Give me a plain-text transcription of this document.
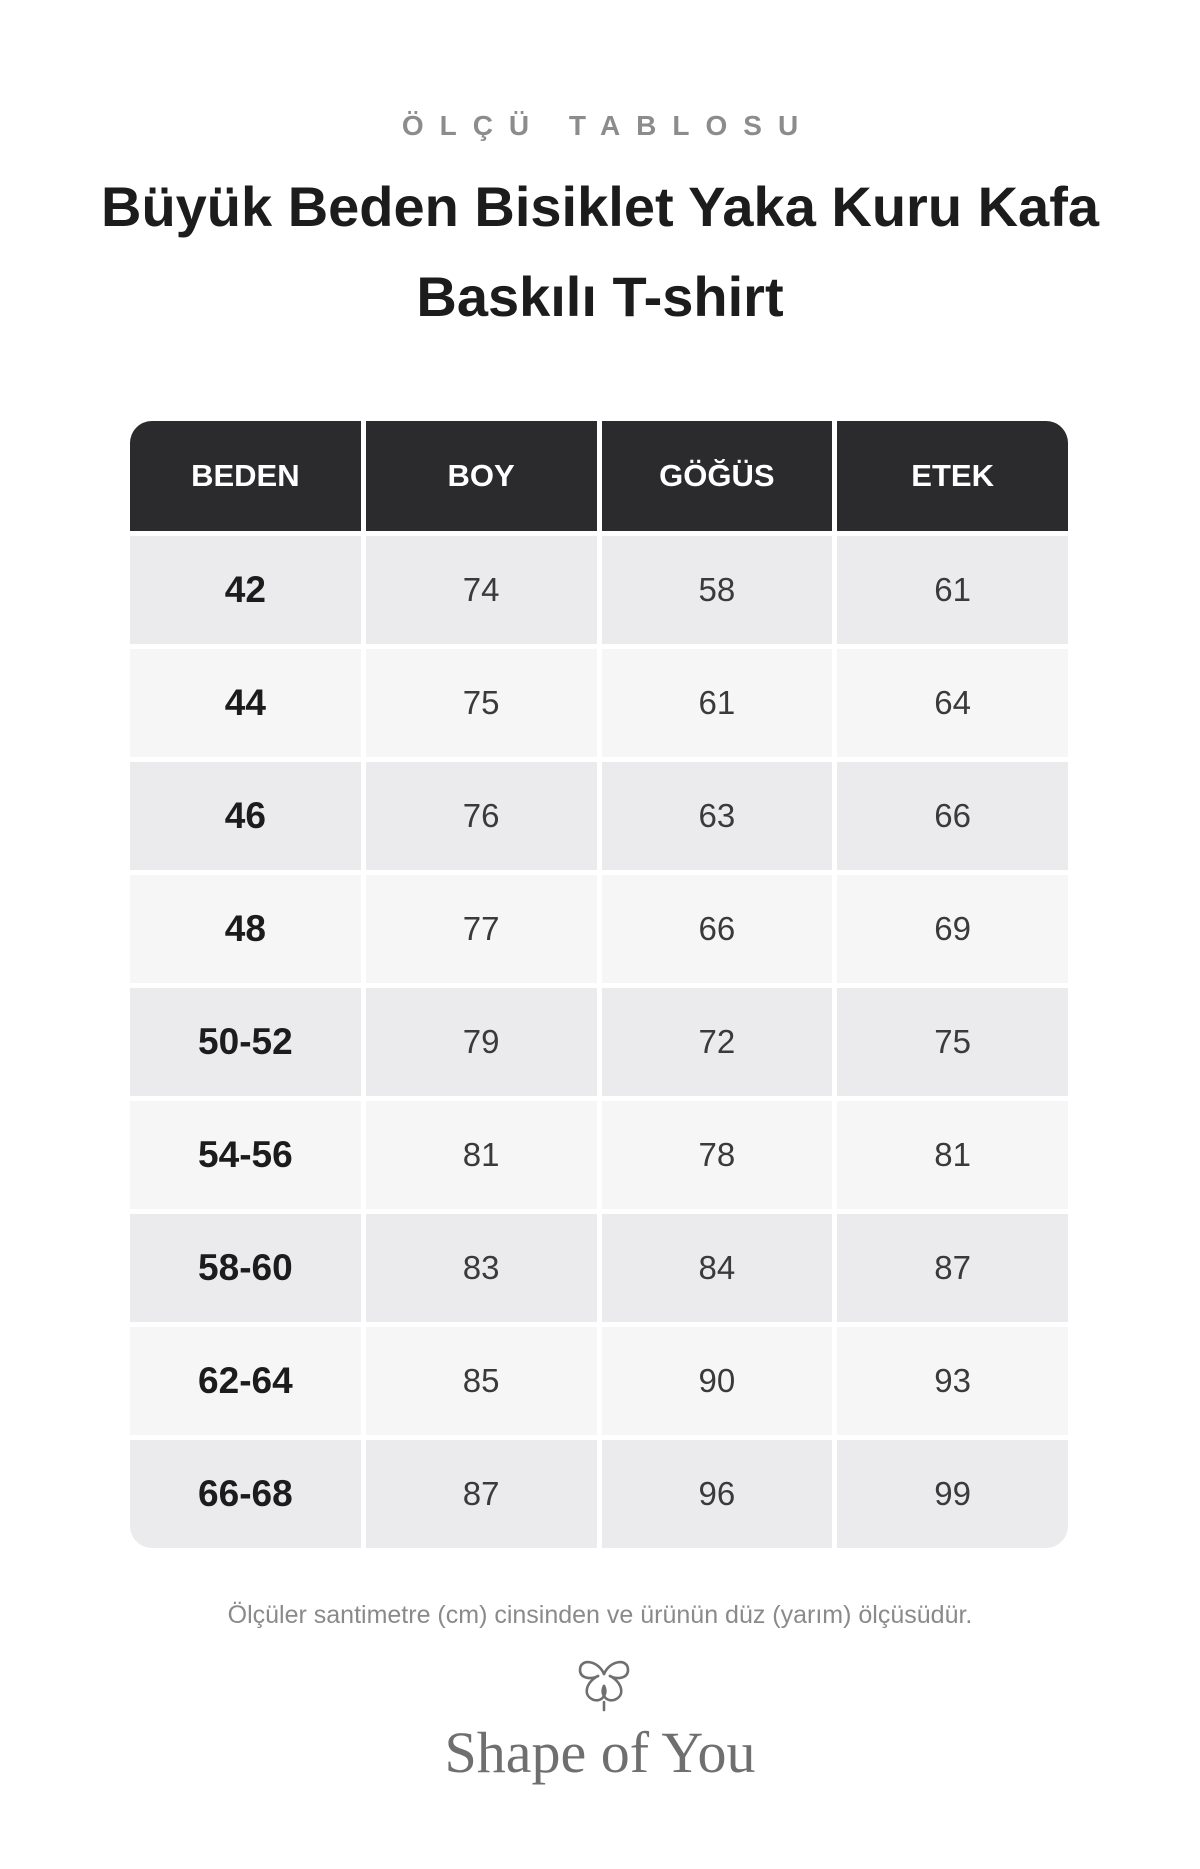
ÖLÇÜ TABLOSU
Büyük Beden Bisiklet Yaka Kuru Kafa Baskılı T-shirt
BEDEN	BOY	GÖĞÜS	ETEK
42	74	58	61
44	75	61	64
46	76	63	66
48	77	66	69
50-52	79	72	75
54-56	81	78	81
58-60	83	84	87
62-64	85	90	93
66-68	87	96	99
Ölçüler santimetre (cm) cinsinden ve ürünün düz (yarım) ölçüsüdür.
Shape of You
